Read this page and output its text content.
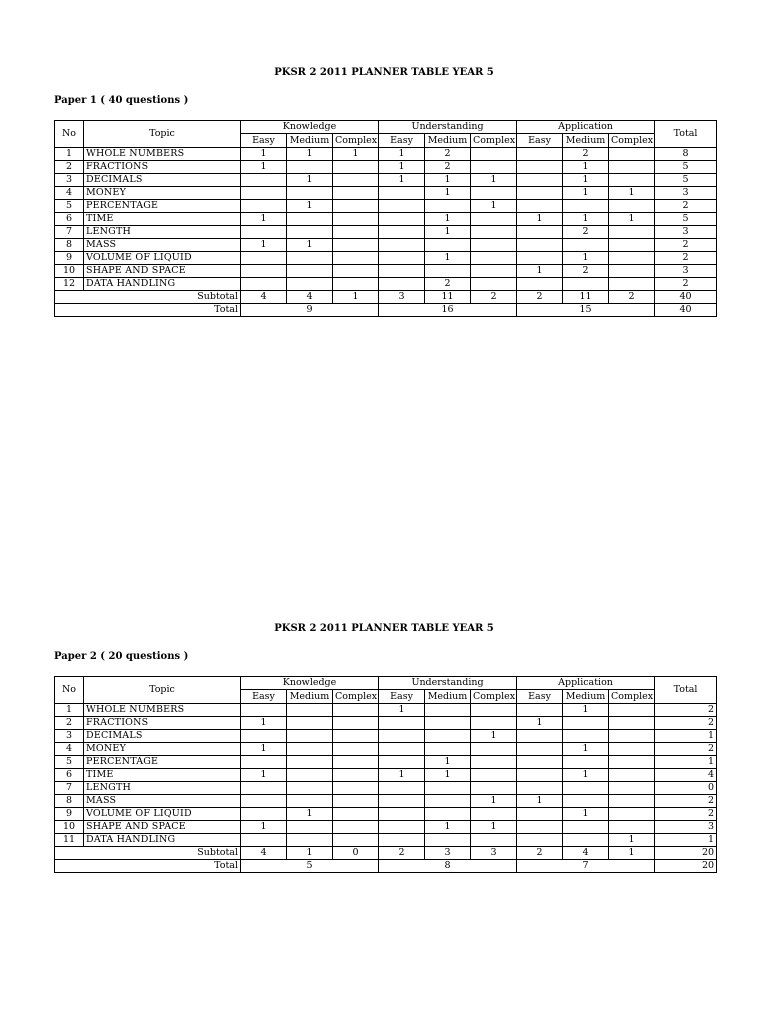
PKSR 2 2011 PLANNER TABLE YEAR 5
Paper 1 ( 40 questions )
No	Topic	Knowledge			Understanding			Application			Total
		Easy	Medium	Complex	Easy	Medium	Complex	Easy	Medium	Complex	
1	WHOLE NUMBERS	1	1	1	1	2			2		8
2	FRACTIONS	1			1	2			1		5
3	DECIMALS		1		1	1	1		1		5
4	MONEY					1			1	1	3
5	PERCENTAGE		1				1				2
6	TIME	1				1		1	1	1	5
7	LENGTH					1			2		3
8	MASS	1	1								2
9	VOLUME OF LIQUID					1			1		2
10	SHAPE AND SPACE							1	2		3
12	DATA HANDLING					2					2
Subtotal		4	4	1	3	11	2	2	11	2	40
Total		9			16			15			40
PKSR 2 2011 PLANNER TABLE YEAR 5
Paper 2 ( 20 questions )
No	Topic	Knowledge			Understanding			Application			Total
		Easy	Medium	Complex	Easy	Medium	Complex	Easy	Medium	Complex	
1	WHOLE NUMBERS				1				1		2
2	FRACTIONS	1						1			2
3	DECIMALS						1				1
4	MONEY	1							1		2
5	PERCENTAGE					1					1
6	TIME	1			1	1			1		4
7	LENGTH										0
8	MASS						1	1			2
9	VOLUME OF LIQUID		1						1		2
10	SHAPE AND SPACE	1				1	1				3
11	DATA HANDLING									1	1
Subtotal		4	1	0	2	3	3	2	4	1	20
Total		5			8			7			20
